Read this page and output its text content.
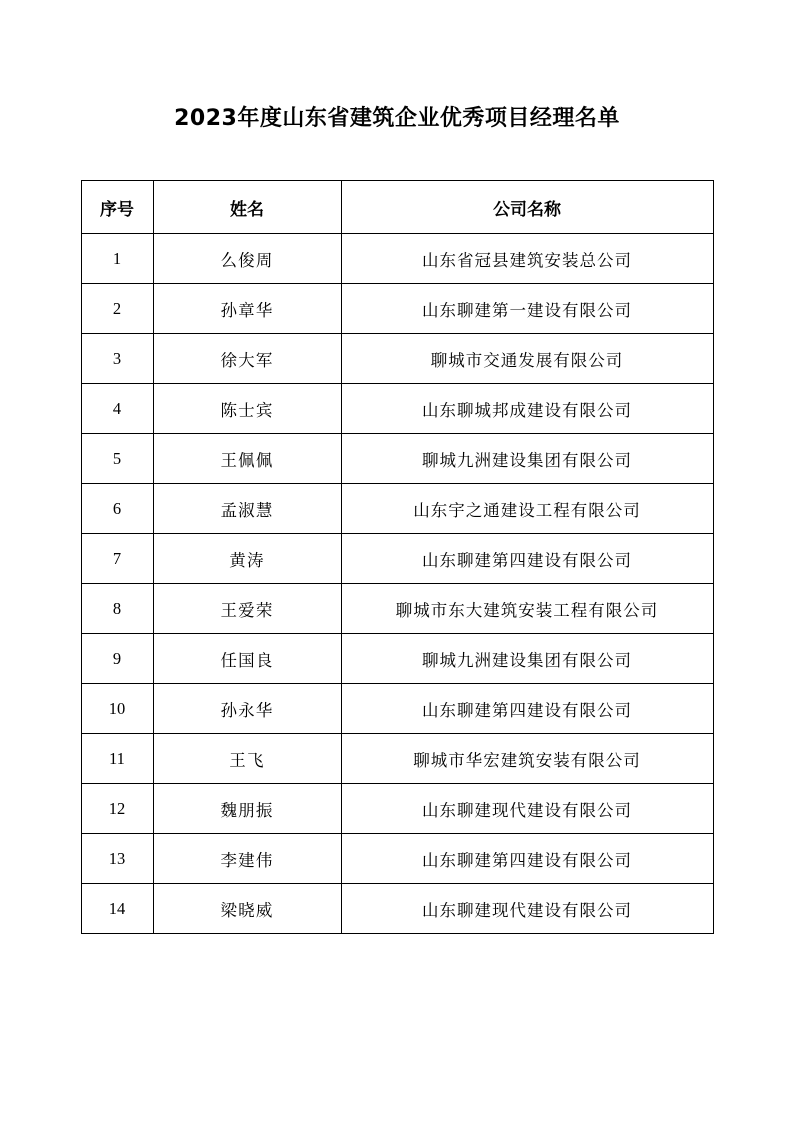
2023年度山东省建筑企业优秀项目经理名单
序号	姓名	公司名称
1	么俊周	山东省冠县建筑安装总公司
2	孙章华	山东聊建第一建设有限公司
3	徐大军	聊城市交通发展有限公司
4	陈士宾	山东聊城邦成建设有限公司
5	王佩佩	聊城九洲建设集团有限公司
6	孟淑慧	山东宇之通建设工程有限公司
7	黄涛	山东聊建第四建设有限公司
8	王爱荣	聊城市东大建筑安装工程有限公司
9	任国良	聊城九洲建设集团有限公司
10	孙永华	山东聊建第四建设有限公司
11	王飞	聊城市华宏建筑安装有限公司
12	魏朋振	山东聊建现代建设有限公司
13	李建伟	山东聊建第四建设有限公司
14	梁晓威	山东聊建现代建设有限公司
